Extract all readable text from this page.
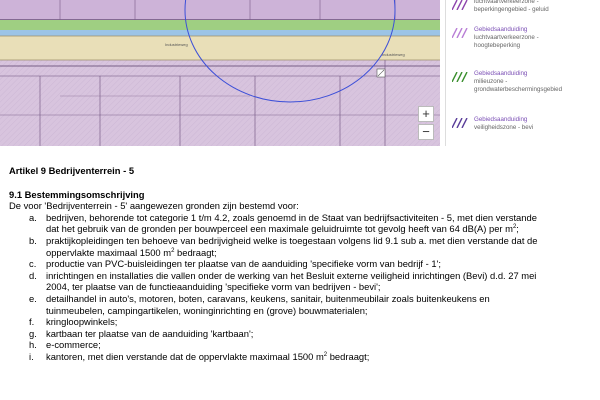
Industrieweg
Industrieweg
+
−
luchtvaartverkeerzone -
beperkingengebied - geluid
Gebiedsaanduiding
luchtvaartverkeerzone -
hoogtebeperking
Gebiedsaanduiding
milieuzone -
grondwaterbeschermingsgebied
Gebiedsaanduiding
veiligheidszone - bevi
Artikel 9 Bedrijventerrein - 5
9.1 Bestemmingsomschrijving
De voor 'Bedrijventerrein - 5' aangewezen gronden zijn bestemd voor:
a. bedrijven, behorende tot categorie 1 t/m 4.2, zoals genoemd in de Staat van bedrijfsactiviteiten - 5, met dien verstande
dat het gebruik van de gronden per bouwperceel een maximale geluidruimte tot gevolg heeft van 64 dB(A) per $m^2$;
b. praktijkopleidingen ten behoeve van bedrijvigheid welke is toegestaan volgens lid 9.1 sub a. met dien verstande dat de
oppervlakte maximaal 1500 $m^2$ bedraagt;
c. productie van PVC-buisleidingen ter plaatse van de aanduiding 'specifieke vorm van bedrijf - 1';
d. inrichtingen en installaties die vallen onder de werking van het Besluit externe veiligheid inrichtingen (Bevi) d.d. 27 mei
2004, ter plaatse van de functieaanduiding 'specifieke vorm van bedrijven - bevi';
e. detailhandel in auto's, motoren, boten, caravans, keukens, sanitair, buitenmeubilair zoals buitenkeukens en
tuinmeubelen, campingartikelen, woninginrichting en (grove) bouwmaterialen;
f. kringloopwinkels;
g. kartbaan ter plaatse van de aanduiding 'kartbaan';
h. e-commerce;
i. kantoren, met dien verstande dat de oppervlakte maximaal 1500 $m^2$ bedraagt;
